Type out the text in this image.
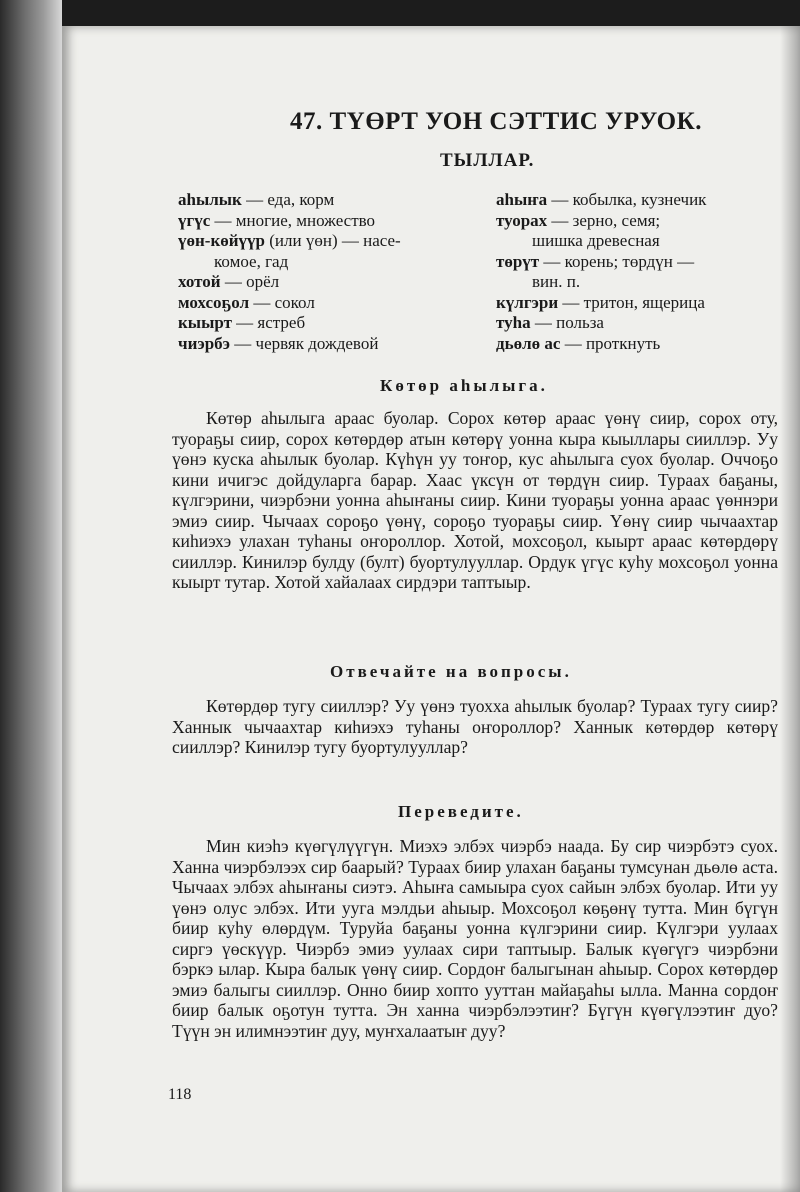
47. ТҮӨРТ УОН СЭТТИС УРУОК.
ТЫЛЛАР.
аһылык — еда, корм
үгүс — многие, множество
үөн-көйүүр (или үөн) — насе-
комое, гад
хотой — орёл
мохсоҕол — сокол
кыырт — ястреб
чиэрбэ — червяк дождевой
аһыҥа — кобылка, кузнечик
туорах — зерно, семя;
шишка древесная
төрүт — корень; төрдүн —
вин. п.
күлгэри — тритон, ящерица
туһа — польза
дьөлө ас — проткнуть
Көтөр аһылыга.
Көтөр аһылыга араас буолар. Сорох көтөр араас үөнү сиир, сорох оту, туораҕы сиир, сорох көтөрдөр атын көтөрү уонна кыра кыыллары сииллэр. Уу үөнэ куска аһылык буолар. Күһүн уу тоҥор, кус аһылыга суох буолар. Оччоҕо кини ичигэс дойдуларга барар. Хаас үксүн от төрдүн сиир. Тураах баҕаны, күлгэрини, чиэрбэни уонна аһыҥаны сиир. Кини туораҕы уонна араас үөннэри эмиэ сиир. Чычаах сороҕо үөнү, сороҕо туораҕы сиир. Үөнү сиир чычаахтар киһиэхэ улахан туһаны оҥороллор. Хотой, мохсоҕол, кыырт араас көтөрдөрү сииллэр. Кинилэр булду (булт) буортулууллар. Ордук үгүс куһу мохсоҕол уонна кыырт тутар. Хотой хайалаах сирдэри таптыыр.
Отвечайте на вопросы.
Көтөрдөр тугу сииллэр? Уу үөнэ туохха аһылык буолар? Тураах тугу сиир? Ханнык чычаахтар киһиэхэ туһаны оҥороллор? Ханнык көтөрдөр көтөрү сииллэр? Кинилэр тугу буортулууллар?
Переведите.
Мин киэһэ күөгүлүүгүн. Миэхэ элбэх чиэрбэ наада. Бу сир чиэрбэтэ суох. Ханна чиэрбэлээх сир баарый? Тураах биир улахан баҕаны тумсунан дьөлө аста. Чычаах элбэх аһыҥаны сиэтэ. Аһыҥа самыыра суох сайын элбэх буолар. Ити уу үөнэ олус элбэх. Ити ууга мэлдьи аһыыр. Мохсоҕол көҕөнү тутта. Мин бүгүн биир куһу өлөрдүм. Туруйа баҕаны уонна күлгэрини сиир. Күлгэри уулаах сиргэ үөскүүр. Чиэрбэ эмиэ уулаах сири таптыыр. Балык күөгүгэ чиэрбэни бэркэ ылар. Кыра балык үөнү сиир. Сордоҥ балыгынан аһыыр. Сорох көтөрдөр эмиэ балыгы сииллэр. Онно биир хопто ууттан майаҕаһы ылла. Манна сордоҥ биир балык оҕотун тутта. Эн ханна чиэрбэлээтиҥ? Бүгүн күөгүлээтиҥ дуо? Түүн эн илимнээтиҥ дуу, муҥхалаатыҥ дуу?
118
